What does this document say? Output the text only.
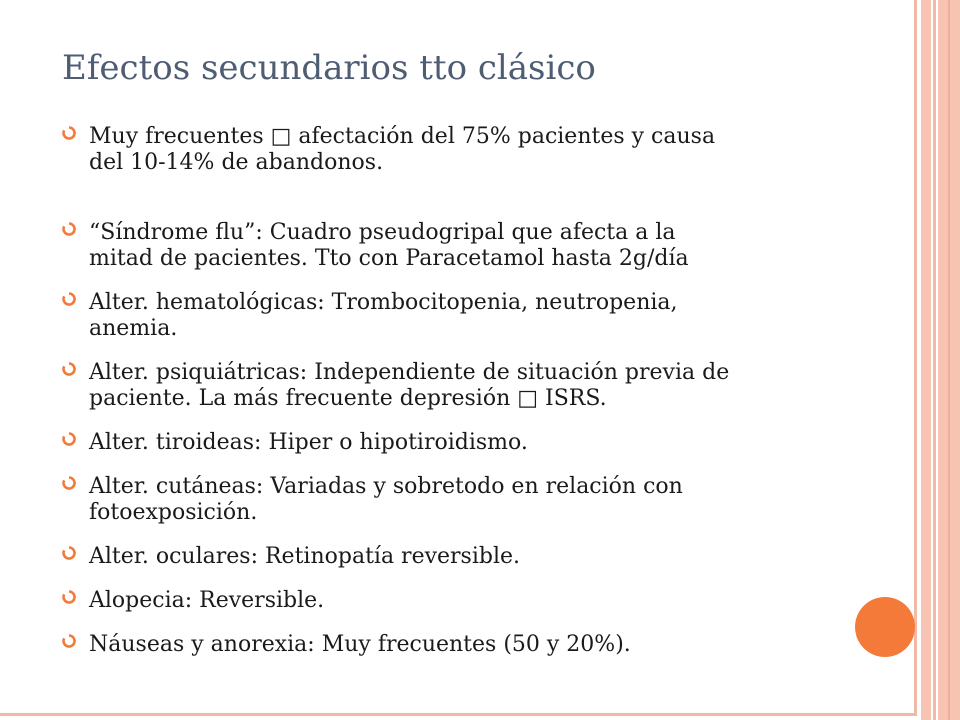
Efectos secundarios tto clásico
Muy frecuentes □ afectación del 75% pacientes y causa
del 10-14% de abandonos.
“Síndrome flu”: Cuadro pseudogripal que afecta a la
mitad de pacientes. Tto con Paracetamol hasta 2g/día
Alter. hematológicas: Trombocitopenia, neutropenia,
anemia.
Alter. psiquiátricas: Independiente de situación previa de
paciente. La más frecuente depresión □ ISRS.
Alter. tiroideas: Hiper o hipotiroidismo.
Alter. cutáneas: Variadas y sobretodo en relación con
fotoexposición.
Alter. oculares: Retinopatía reversible.
Alopecia: Reversible.
Náuseas y anorexia: Muy frecuentes (50 y 20%).
